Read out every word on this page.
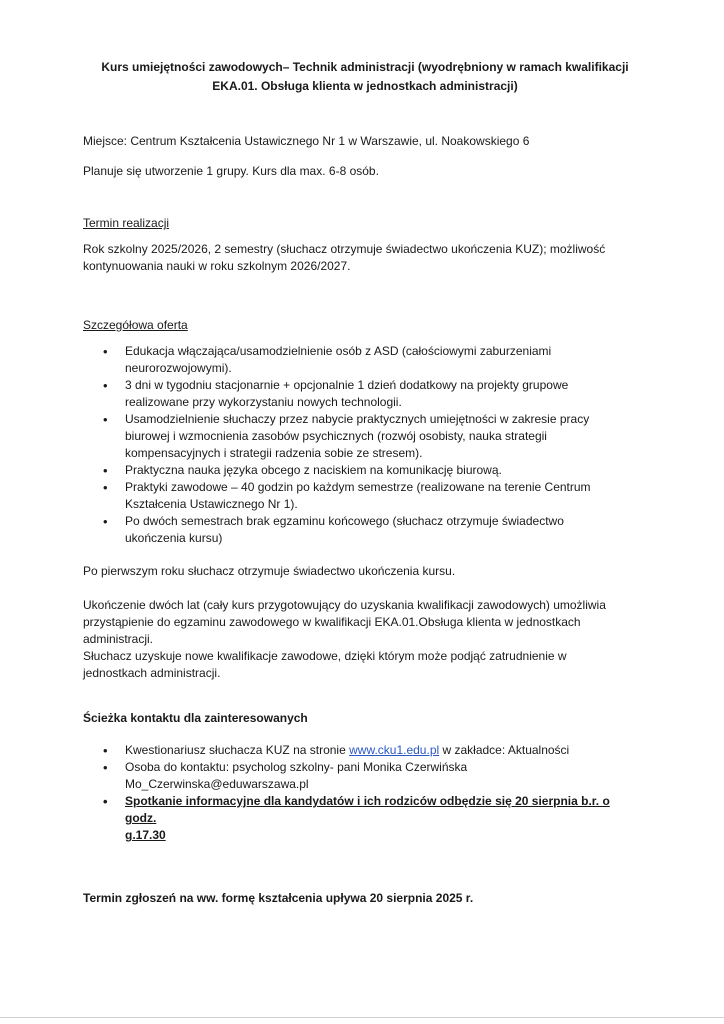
Kurs umiejętności zawodowych– Technik administracji (wyodrębniony w ramach kwalifikacji
EKA.01. Obsługa klienta w jednostkach administracji)
Miejsce: Centrum Kształcenia Ustawicznego Nr 1 w Warszawie, ul. Noakowskiego 6
Planuje się utworzenie 1 grupy. Kurs dla max. 6-8 osób.
Termin realizacji
Rok szkolny 2025/2026, 2 semestry (słuchacz otrzymuje świadectwo ukończenia KUZ); możliwość
kontynuowania nauki w roku szkolnym 2026/2027.
Szczegółowa oferta
• Edukacja włączająca/usamodzielnienie osób z ASD (całościowymi zaburzeniami
neurorozwojowymi).
• 3 dni w tygodniu stacjonarnie + opcjonalnie 1 dzień dodatkowy na projekty grupowe
realizowane przy wykorzystaniu nowych technologii.
• Usamodzielnienie słuchaczy przez nabycie praktycznych umiejętności w zakresie pracy
biurowej i wzmocnienia zasobów psychicznych (rozwój osobisty, nauka strategii
kompensacyjnych i strategii radzenia sobie ze stresem).
• Praktyczna nauka języka obcego z naciskiem na komunikację biurową.
• Praktyki zawodowe – 40 godzin po każdym semestrze (realizowane na terenie Centrum
Kształcenia Ustawicznego Nr 1).
• Po dwóch semestrach brak egzaminu końcowego (słuchacz otrzymuje świadectwo
ukończenia kursu)
Po pierwszym roku słuchacz otrzymuje świadectwo ukończenia kursu.
Ukończenie dwóch lat (cały kurs przygotowujący do uzyskania kwalifikacji zawodowych) umożliwia
przystąpienie do egzaminu zawodowego w kwalifikacji EKA.01.Obsługa klienta w jednostkach
administracji.
Słuchacz uzyskuje nowe kwalifikacje zawodowe, dzięki którym może podjąć zatrudnienie w
jednostkach administracji.
Ścieżka kontaktu dla zainteresowanych
• Kwestionariusz słuchacza KUZ na stronie www.cku1.edu.pl w zakładce: Aktualności
• Osoba do kontaktu: psycholog szkolny- pani Monika Czerwińska
Mo_Czerwinska@eduwarszawa.pl
• Spotkanie informacyjne dla kandydatów i ich rodziców odbędzie się 20 sierpnia b.r. o godz.
g.17.30
Termin zgłoszeń na ww. formę kształcenia upływa 20 sierpnia 2025 r.
